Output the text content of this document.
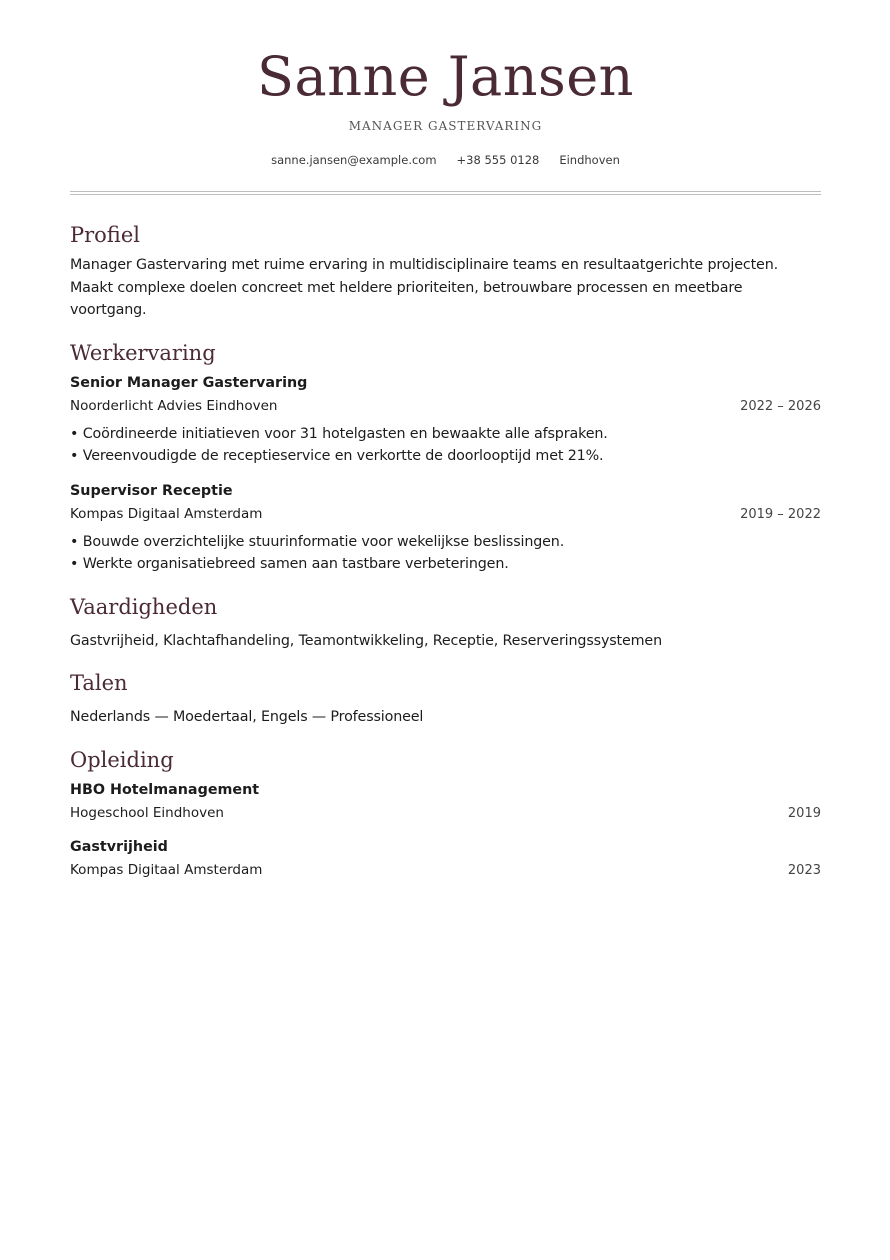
Sanne Jansen
MANAGER GASTERVARING
sanne.jansen@example.com +38 555 0128 Eindhoven
Profiel

Manager Gastervaring met ruime ervaring in multidisciplinaire teams en resultaatgerichte projecten. Maakt complexe doelen concreet met heldere prioriteiten, betrouwbare processen en meetbare voortgang.

Werkervaring
Senior Manager Gastervaring
Noorderlicht Advies Eindhoven	2022 – 2026
• Coördineerde initiatieven voor 31 hotelgasten en bewaakte alle afspraken.
• Vereenvoudigde de receptieservice en verkortte de doorlooptijd met 21%.
Supervisor Receptie
Kompas Digitaal Amsterdam	2019 – 2022
• Bouwde overzichtelijke stuurinformatie voor wekelijkse beslissingen.
• Werkte organisatiebreed samen aan tastbare verbeteringen.
Vaardigheden

Gastvrijheid, Klachtafhandeling, Teamontwikkeling, Receptie, Reserveringssystemen

Talen

Nederlands — Moedertaal, Engels — Professioneel

Opleiding
HBO Hotelmanagement
Hogeschool Eindhoven	2019
Gastvrijheid
Kompas Digitaal Amsterdam	2023
